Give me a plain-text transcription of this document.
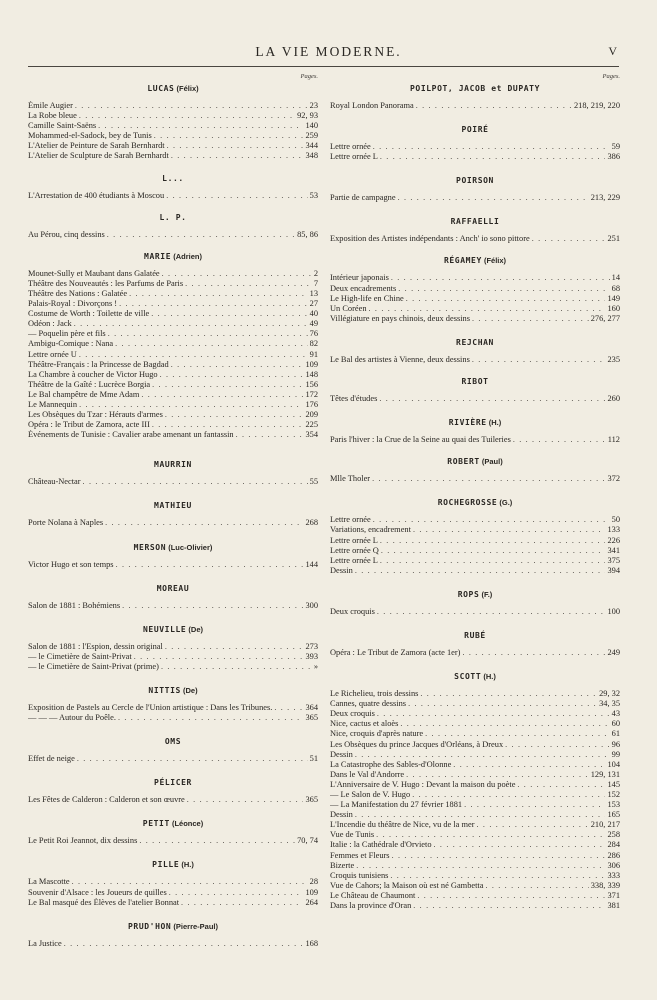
LA VIE MODERNE.	V
Pages.
LUCAS (Félix)
Émile Augier . . .	23
La Robe bleue . . .	92, 93
Camille Saint-Saëns . . .	140
Mohammed-el-Sadock, bey de Tunis . . .	259
L'Atelier de Peinture de Sarah Bernhardt . . .	344
L'Atelier de Sculpture de Sarah Bernhardt . . .	348
L...
L'Arrestation de 400 étudiants à Moscou . . .	53
L. P.
Au Pérou, cinq dessins . . .	85, 86
MARIE (Adrien)
Mounet-Sully et Maubant dans Galatée . . .	2
Théâtre des Nouveautés : les Parfums de Paris . . .	7
Théâtre des Nations : Galatée . . .	13
Palais-Royal : Divorçons ! . . .	27
Costume de Worth : Toilette de ville . . .	40
Odéon : Jack . . .	49
— Poquelin père et fils . . .	76
Ambigu-Comique : Nana . . .	82
Lettre ornée U . . .	91
Théâtre-Français : la Princesse de Bagdad . . .	109
La Chambre à coucher de Victor Hugo . . .	148
Théâtre de la Gaîté : Lucrèce Borgia . . .	156
Le Bal champêtre de Mme Adam . . .	172
Le Mannequin . . .	176
Les Obsèques du Tzar : Hérauts d'armes . . .	209
Opéra : le Tribut de Zamora, acte III . . .	225
Événements de Tunisie : Cavalier arabe amenant un fantassin . . .	354
MAURRIN
Château-Nectar . . .	55
MATHIEU
Porte Nolana à Naples . . .	268
MERSON (Luc-Olivier)
Victor Hugo et son temps . . .	144
MOREAU
Salon de 1881 : Bohémiens . . .	300
NEUVILLE (De)
Salon de 1881 : l'Espion, dessin original . . .	273
— le Cimetière de Saint-Privat . . .	393
— le Cimetière de Saint-Privat (prime) . . .	»
NITTIS (De)
Exposition de Pastels au Cercle de l'Union artistique : Dans les Tribunes. . . .	364
— — — Autour du Poêle. . . .	365
OMS
Effet de neige . . .	51
PÉLICER
Les Fêtes de Calderon : Calderon et son œuvre . . .	365
PETIT (Léonce)
Le Petit Roi Jeannot, dix dessins . . .	70, 74
PILLE (H.)
La Mascotte . . .	28
Souvenir d'Alsace : les Joueurs de quilles . . .	109
Le Bal masqué des Élèves de l'atelier Bonnat . . .	264
PRUD'HON (Pierre-Paul)
La Justice . . .	168
Pages.
POILPOT, JACOB et DUPATY
Royal London Panorama . . .	218, 219, 220
POIRÉ
Lettre ornée . . .	59
Lettre ornée L . . .	386
POIRSON
Partie de campagne . . .	213, 229
RAFFAELLI
Exposition des Artistes indépendants : Anch' io sono pittore . . .	251
RÉGAMEY (Félix)
Intérieur japonais . . .	14
Deux encadrements . . .	68
Le High-life en Chine . . .	149
Un Coréen . . .	160
Villégiature en pays chinois, deux dessins . . .	276, 277
REJCHAN
Le Bal des artistes à Vienne, deux dessins . . .	235
RIBOT
Têtes d'études . . .	260
RIVIÈRE (H.)
Paris l'hiver : la Crue de la Seine au quai des Tuileries . . .	112
ROBERT (Paul)
Mlle Tholer . . .	372
ROCHEGROSSE (G.)
Lettre ornée . . .	50
Variations, encadrement . . .	133
Lettre ornée L . . .	226
Lettre ornée Q . . .	341
Lettre ornée L . . .	375
Dessin . . .	394
ROPS (F.)
Deux croquis . . .	100
RUBÉ
Opéra : Le Tribut de Zamora (acte 1er) . . .	249
SCOTT (H.)
Le Richelieu, trois dessins . . .	29, 32
Cannes, quatre dessins . . .	34, 35
Deux croquis . . .	43
Nice, cactus et aloès . . .	60
Nice, croquis d'après nature . . .	61
Les Obsèques du prince Jacques d'Orléans, à Dreux . . .	96
Dessin . . .	99
La Catastrophe des Sables-d'Olonne . . .	104
Dans le Val d'Andorre . . .	129, 131
L'Anniversaire de V. Hugo : Devant la maison du poète . . .	145
— Le Salon de V. Hugo . . .	152
— La Manifestation du 27 février 1881 . . .	153
Dessin . . .	165
L'Incendie du théâtre de Nice, vu de la mer . . .	210, 217
Vue de Tunis . . .	258
Italie : la Cathédrale d'Orvieto . . .	284
Femmes et Fleurs . . .	286
Bizerte . . .	306
Croquis tunisiens . . .	333
Vue de Cahors; la Maison où est né Gambetta . . .	338, 339
Le Château de Chaumont . . .	371
Dans la province d'Oran . . .	381
